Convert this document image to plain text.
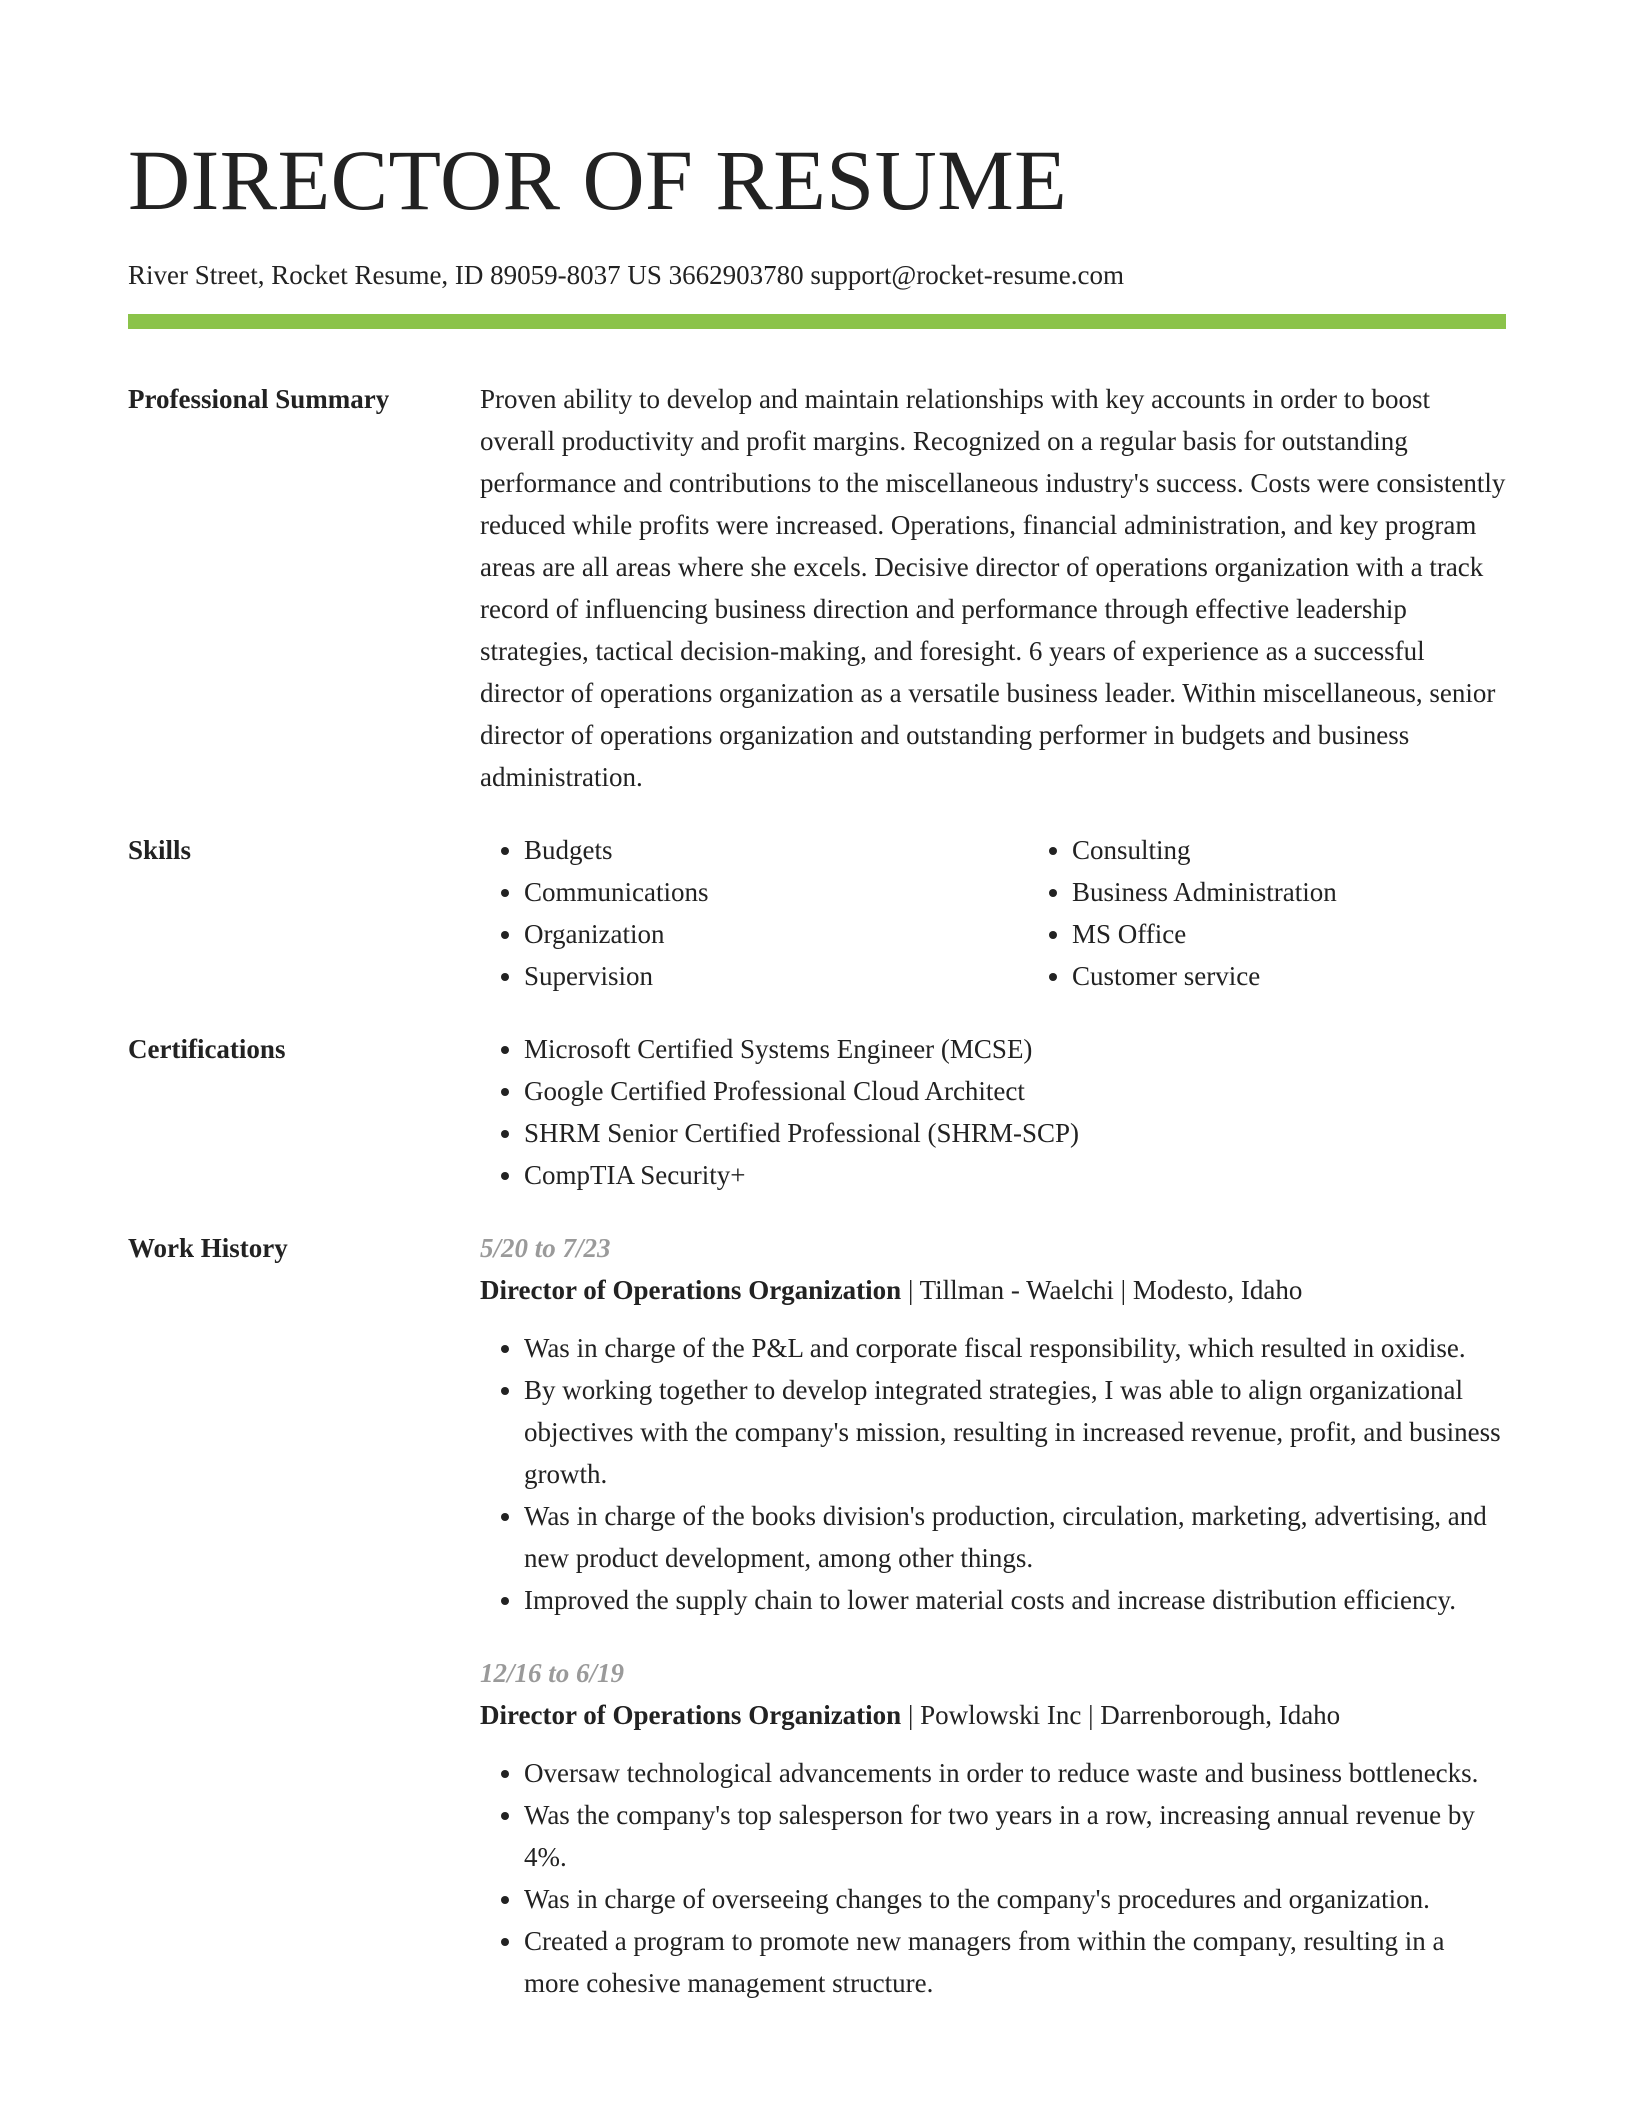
DIRECTOR OF RESUME
River Street, Rocket Resume, ID 89059-8037 US 3662903780 support@rocket-resume.com
Professional Summary	Proven ability to develop and maintain relationships with key accounts in order to boost overall productivity and profit margins. Recognized on a regular basis for outstanding performance and contributions to the miscellaneous industry's success. Costs were consistently reduced while profits were increased. Operations, financial administration, and key program areas are all areas where she excels. Decisive director of operations organization with a track record of influencing business direction and performance through effective leadership strategies, tactical decision-making, and foresight. 6 years of experience as a successful director of operations organization as a versatile business leader. Within miscellaneous, senior director of operations organization and outstanding performer in budgets and business administration.
Skills	• Budgets
• Communications
• Organization
• Supervision
• Consulting
• Business Administration
• MS Office
• Customer service
Certifications	• Microsoft Certified Systems Engineer (MCSE)
• Google Certified Professional Cloud Architect
• SHRM Senior Certified Professional (SHRM-SCP)
• CompTIA Security+
Work History	5/20 to 7/23
Director of Operations Organization | Tillman - Waelchi | Modesto, Idaho
• Was in charge of the P&L and corporate fiscal responsibility, which resulted in oxidise.
• By working together to develop integrated strategies, I was able to align organizational objectives with the company's mission, resulting in increased revenue, profit, and business growth.
• Was in charge of the books division's production, circulation, marketing, advertising, and new product development, among other things.
• Improved the supply chain to lower material costs and increase distribution efficiency.
12/16 to 6/19
Director of Operations Organization | Powlowski Inc | Darrenborough, Idaho
• Oversaw technological advancements in order to reduce waste and business bottlenecks.
• Was the company's top salesperson for two years in a row, increasing annual revenue by 4%.
• Was in charge of overseeing changes to the company's procedures and organization.
• Created a program to promote new managers from within the company, resulting in a more cohesive management structure.
